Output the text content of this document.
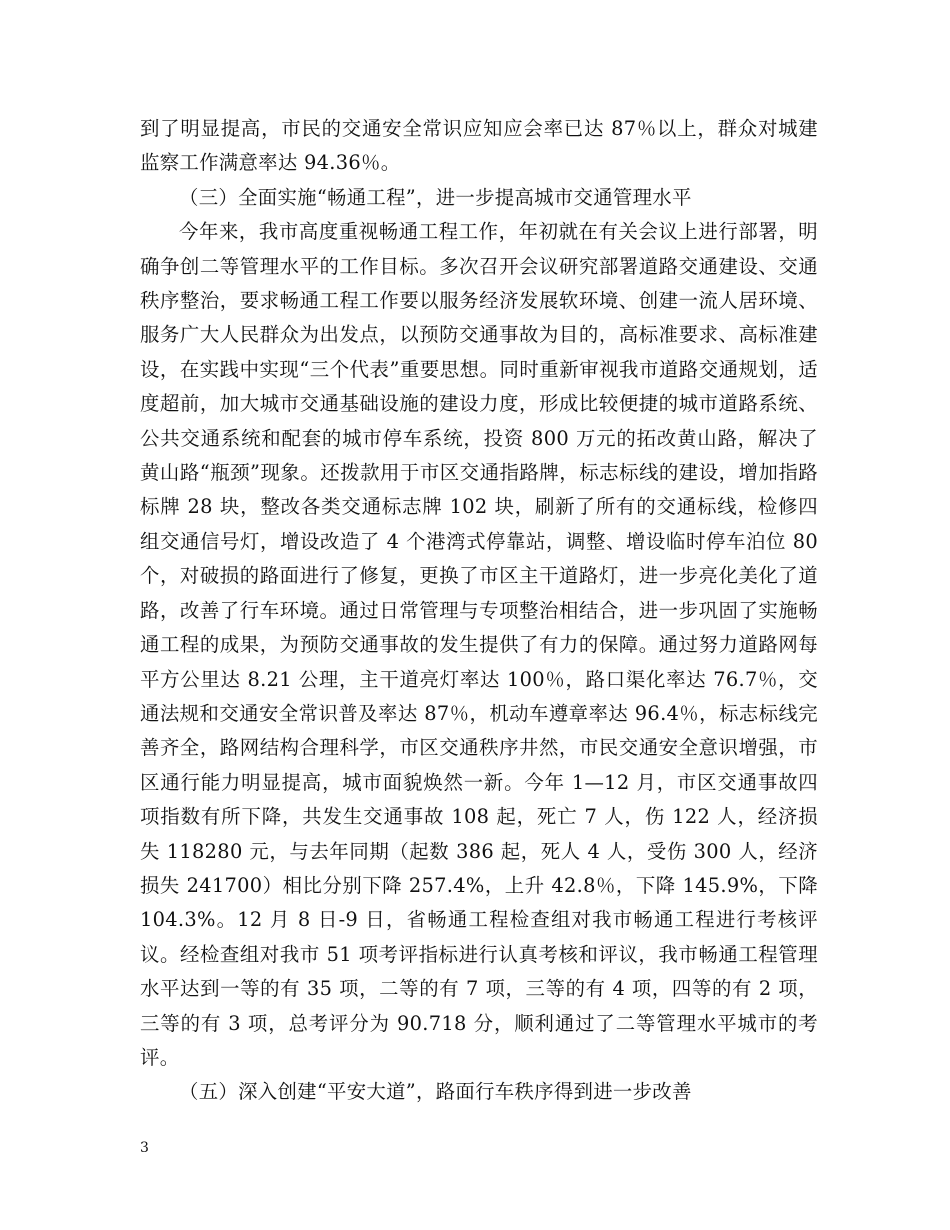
到了明显提高，市民的交通安全常识应知应会率已达 87％以上，群众对城建监察工作满意率达 94.36％。

（三）全面实施“畅通工程”，进一步提高城市交通管理水平

今年来，我市高度重视畅通工程工作，年初就在有关会议上进行部署，明确争创二等管理水平的工作目标。多次召开会议研究部署道路交通建设、交通秩序整治，要求畅通工程工作要以服务经济发展软环境、创建一流人居环境、服务广大人民群众为出发点，以预防交通事故为目的，高标准要求、高标准建设，在实践中实现“三个代表”重要思想。同时重新审视我市道路交通规划，适度超前，加大城市交通基础设施的建设力度，形成比较便捷的城市道路系统、公共交通系统和配套的城市停车系统，投资 800 万元的拓改黄山路，解决了黄山路“瓶颈”现象。还拨款用于市区交通指路牌，标志标线的建设，增加指路标牌 28 块，整改各类交通标志牌 102 块，刷新了所有的交通标线，检修四组交通信号灯，增设改造了 4 个港湾式停靠站，调整、增设临时停车泊位 80 个，对破损的路面进行了修复，更换了市区主干道路灯，进一步亮化美化了道路，改善了行车环境。通过日常管理与专项整治相结合，进一步巩固了实施畅通工程的成果，为预防交通事故的发生提供了有力的保障。通过努力道路网每平方公里达 8.21 公理，主干道亮灯率达 100％，路口渠化率达 76.7％，交通法规和交通安全常识普及率达 87％，机动车遵章率达 96.4％，标志标线完善齐全，路网结构合理科学，市区交通秩序井然，市民交通安全意识增强，市区通行能力明显提高，城市面貌焕然一新。今年 1—12 月，市区交通事故四项指数有所下降，共发生交通事故 108 起，死亡 7 人，伤 122 人，经济损失 118280 元，与去年同期（起数 386 起，死人 4 人，受伤 300 人，经济损失 241700）相比分别下降 257.4%，上升 42.8％，下降 145.9%，下降 104.3%。12 月 8 日-9 日，省畅通工程检查组对我市畅通工程进行考核评议。经检查组对我市 51 项考评指标进行认真考核和评议，我市畅通工程管理水平达到一等的有 35 项，二等的有 7 项，三等的有 4 项，四等的有 2 项，三等的有 3 项，总考评分为 90.718 分，顺利通过了二等管理水平城市的考评。

（五）深入创建“平安大道”，路面行车秩序得到进一步改善

3
